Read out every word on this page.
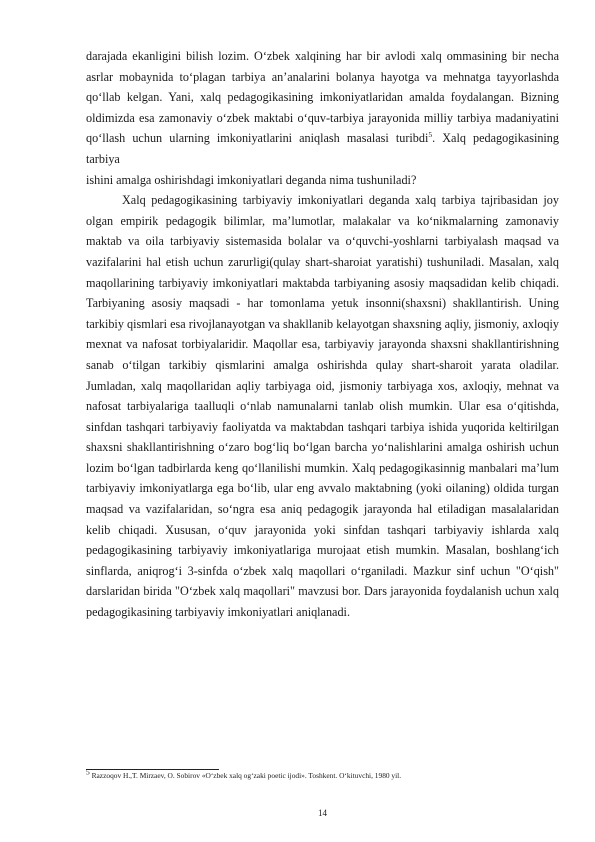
darajada ekanligini bilish lozim. O‘zbek xalqining har bir avlodi xalq ommasining bir necha asrlar mobaynida to‘plagan tarbiya an’analarini bolanya hayotga va mehnatga tayyorlashda qo‘llab kelgan. Yani, xalq pedagogikasining imkoniyatlaridan amalda foydalangan. Bizning oldimizda esa zamonaviy o‘zbek maktabi o‘quv-tarbiya jarayonida milliy tarbiya madaniyatini qo‘llash uchun ularning imkoniyatlarini aniqlash masalasi turibdi$^5$. Xalq pedagogikasining tarbiya

ishini amalga oshirishdagi imkoniyatlari deganda nima tushuniladi?

Xalq pedagogikasining tarbiyaviy imkoniyatlari deganda xalq tarbiya tajribasidan joy olgan empirik pedagogik bilimlar, ma’lumotlar, malakalar va ko‘nikmalarning zamonaviy maktab va oila tarbiyaviy sistemasida bolalar va o‘quvchi-yoshlarni tarbiyalash maqsad va vazifalarini hal etish uchun zarurligi(qulay shart-sharoiat yaratishi) tushuniladi. Masalan, xalq maqollarining tarbiyaviy imkoniyatlari maktabda tarbiyaning asosiy maqsadidan kelib chiqadi. Tarbiyaning asosiy maqsadi - har tomonlama yetuk insonni(shaxsni) shakllantirish. Uning tarkibiy qismlari esa rivojlanayotgan va shakllanib kelayotgan shaxsning aqliy, jismoniy, axloqiy mexnat va nafosat torbiyalaridir. Maqollar esa, tarbiyaviy jarayonda shaxsni shakllantirishning sanab o‘tilgan tarkibiy qismlarini amalga oshirishda qulay shart-sharoit yarata oladilar. Jumladan, xalq maqollaridan aqliy tarbiyaga oid, jismoniy tarbiyaga xos, axloqiy, mehnat va nafosat tarbiyalariga taalluqli o‘nlab namunalarni tanlab olish mumkin. Ular esa o‘qitishda, sinfdan tashqari tarbiyaviy faoliyatda va maktabdan tashqari tarbiya ishida yuqorida keltirilgan shaxsni shakllantirishning o‘zaro bog‘liq bo‘lgan barcha yo‘nalishlarini amalga oshirish uchun lozim bo‘lgan tadbirlarda keng qo‘llanilishi mumkin. Xalq pedagogikasinnig manbalari ma’lum tarbiyaviy imkoniyatlarga ega bo‘lib, ular eng avvalo maktabning (yoki oilaning) oldida turgan maqsad va vazifalaridan, so‘ngra esa aniq pedagogik jarayonda hal etiladigan masalalaridan kelib chiqadi. Xususan, o‘quv jarayonida yoki sinfdan tashqari tarbiyaviy ishlarda xalq pedagogikasining tarbiyaviy imkoniyatlariga murojaat etish mumkin. Masalan, boshlang‘ich sinflarda, aniqrog‘i 3-sinfda o‘zbek xalq maqollari o‘rganiladi. Mazkur sinf uchun "O‘qish" darslaridan birida "O‘zbek xalq maqollari" mavzusi bor. Dars jarayonida foydalanish uchun xalq pedagogikasining tarbiyaviy imkoniyatlari aniqlanadi.

$^5$ Razzoqov H.,T. Mirzaev, O. Sobirov «O‘zbek xalq og‘zaki poetic ijodi». Toshkent. O‘kituvchi, 1980 yil.
14
